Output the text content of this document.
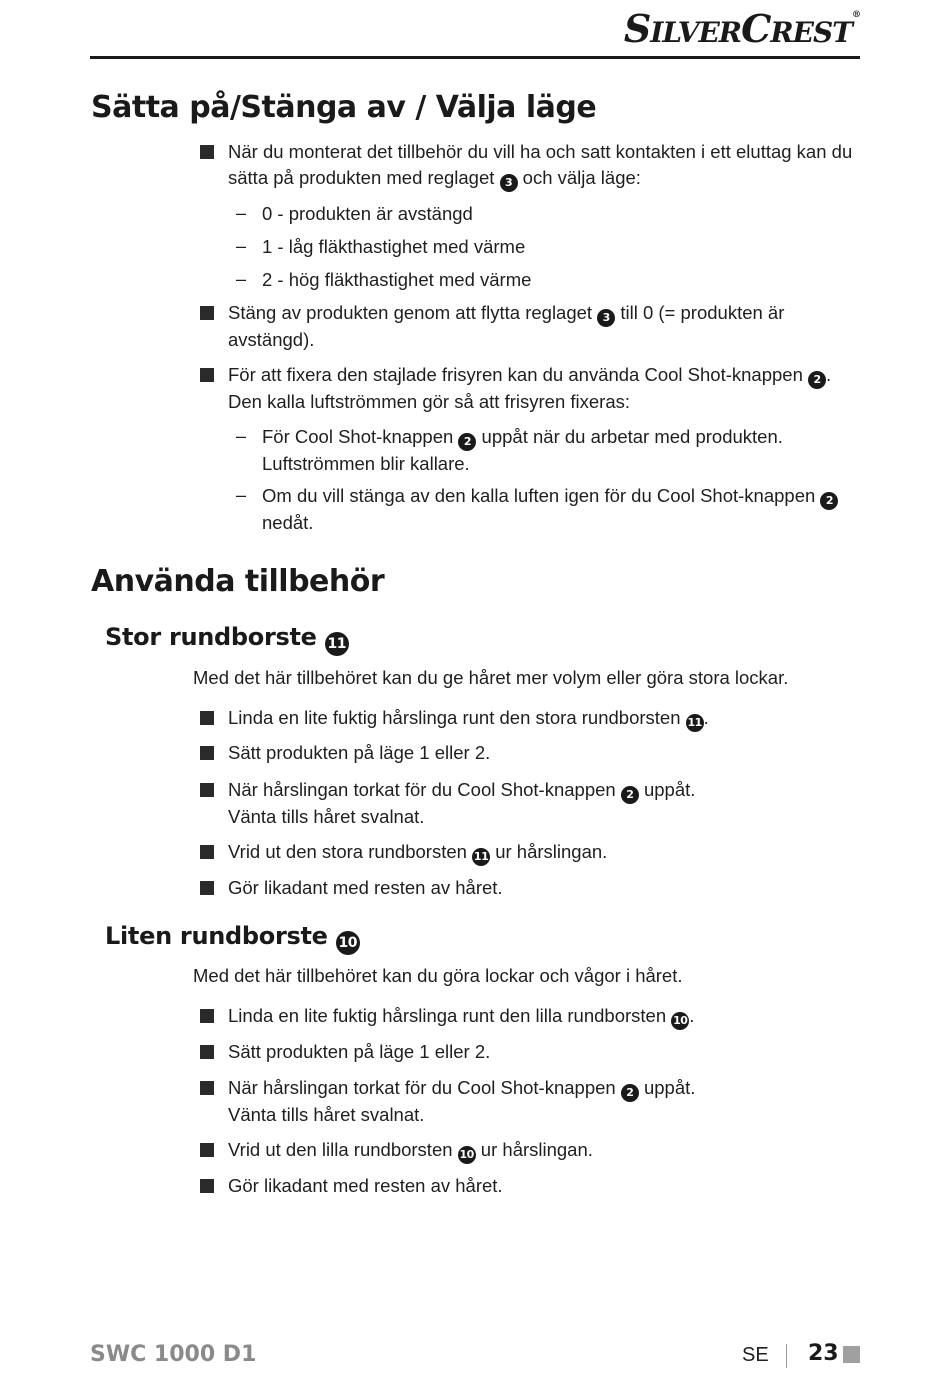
SILVERCREST®
Sätta på/Stänga av / Välja läge
När du monterat det tillbehör du vill ha och satt kontakten i ett eluttag kan du sätta på produkten med reglaget 3 och välja läge:
– 0 - produkten är avstängd
– 1 - låg fläkthastighet med värme
– 2 - hög fläkthastighet med värme
Stäng av produkten genom att flytta reglaget 3 till 0 (= produkten är avstängd).
För att fixera den stajlade frisyren kan du använda Cool Shot-knappen 2 . Den kalla luftströmmen gör så att frisyren fixeras:
– För Cool Shot-knappen 2 uppåt när du arbetar med produkten. Luftströmmen blir kallare.
– Om du vill stänga av den kalla luften igen för du Cool Shot-knappen 2 nedåt.
Använda tillbehör
Stor rundborste 11
Med det här tillbehöret kan du ge håret mer volym eller göra stora lockar.
Linda en lite fuktig hårslinga runt den stora rundborsten 11.
Sätt produkten på läge 1 eller 2.
När hårslingan torkat för du Cool Shot-knappen 2 uppåt. Vänta tills håret svalnat.
Vrid ut den stora rundborsten 11 ur hårslingan.
Gör likadant med resten av håret.
Liten rundborste 10
Med det här tillbehöret kan du göra lockar och vågor i håret.
Linda en lite fuktig hårslinga runt den lilla rundborsten 10.
Sätt produkten på läge 1 eller 2.
När hårslingan torkat för du Cool Shot-knappen 2 uppåt. Vänta tills håret svalnat.
Vrid ut den lilla rundborsten 10 ur hårslingan.
Gör likadant med resten av håret.
SWC 1000 D1	SE 23
